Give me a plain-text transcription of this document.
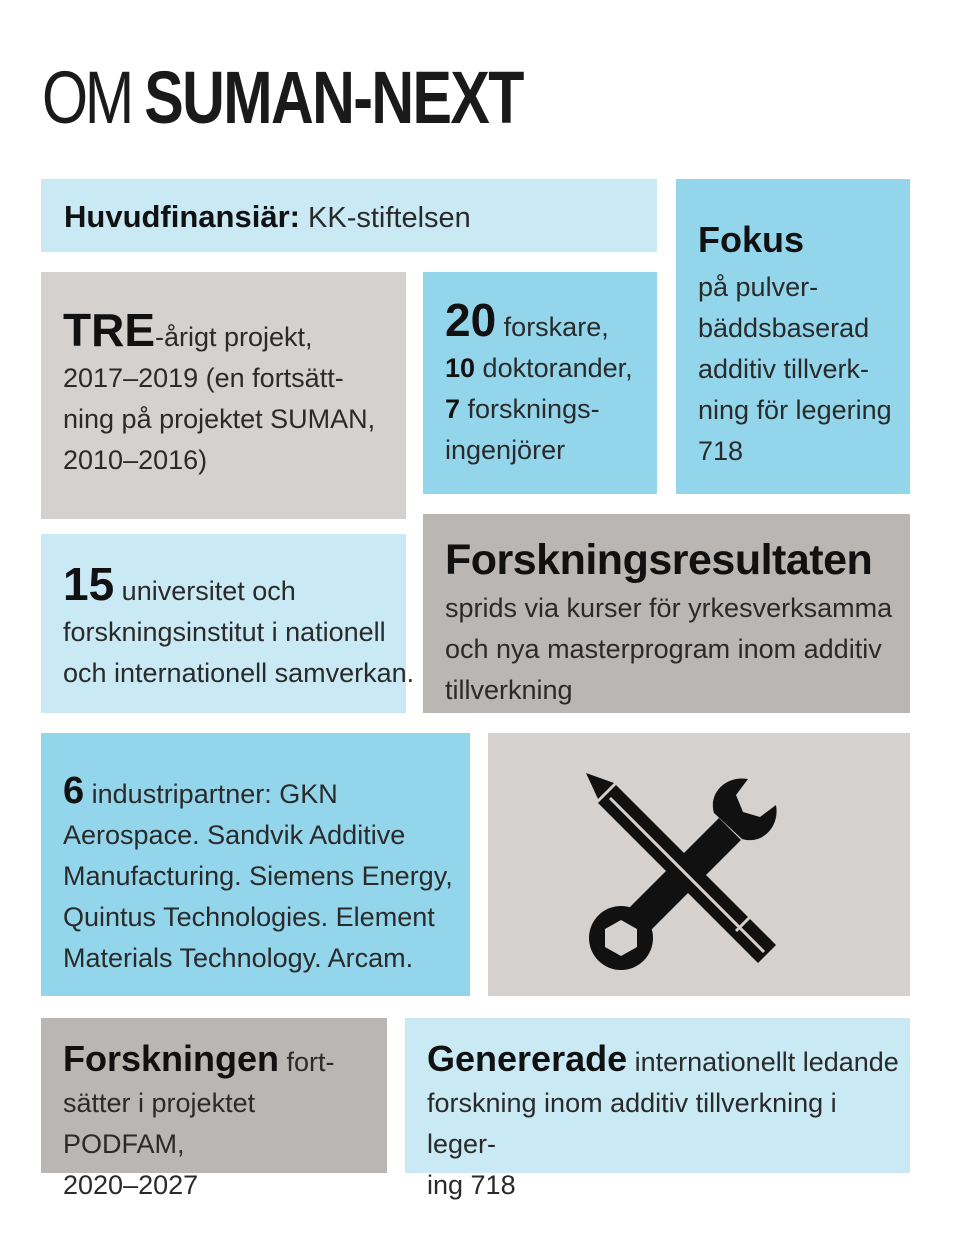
OM SUMAN-NEXT
Huvudfinansiär: KK-stiftelsen
Fokus
på pulver-
bäddsbaserad
additiv tillverk-
ning för legering
718
TRE-årigt projekt,
2017–2019 (en fortsätt-
ning på projektet SUMAN,
2010–2016)
20 forskare,
10 doktorander,
7 forsknings-
ingenjörer
15 universitet och
forskningsinstitut i nationell
och internationell samverkan.
Forskningsresultaten
sprids via kurser för yrkesverksamma
och nya masterprogram inom additiv
tillverkning
6 industripartner: GKN
Aerospace. Sandvik Additive
Manufacturing. Siemens Energy,
Quintus Technologies. Element
Materials Technology. Arcam.
Forskningen fort-
sätter i projektet PODFAM,
2020–2027
Genererade internationellt ledande
forskning inom additiv tillverkning i leger-
ing 718
